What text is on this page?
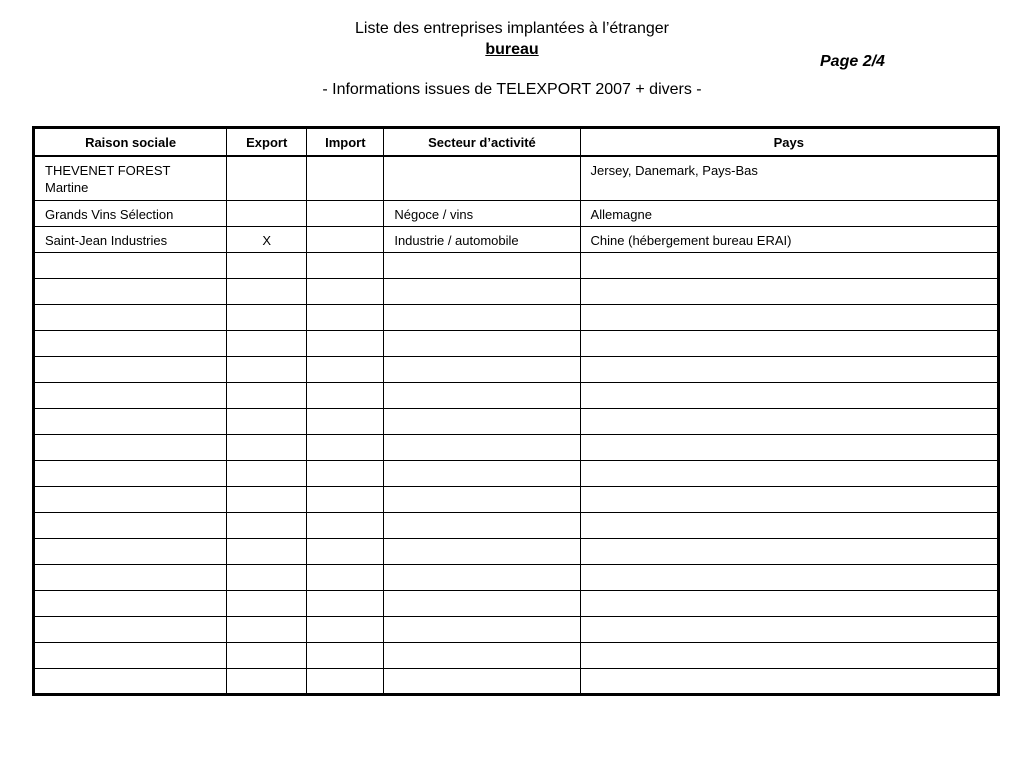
Liste des entreprises implantées à l’étranger
bureau
Page 2/4
- Informations issues de TELEXPORT 2007 + divers -
Raison sociale	Export	Import	Secteur d’activité	Pays
THEVENET FOREST
Martine				Jersey, Danemark, Pays-Bas
Grands Vins Sélection			Négoce / vins	Allemagne
Saint-Jean Industries	X		Industrie / automobile	Chine (hébergement bureau ERAI)
